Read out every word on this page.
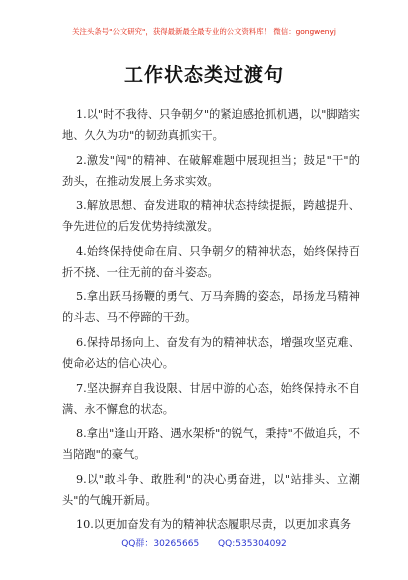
关注头条号"公文研究"，获得最新最全最专业的公文资料库！ 微信：gongwenyj
工作状态类过渡句

1.以"时不我待、只争朝夕"的紧迫感抢抓机遇，以"脚踏实地、久久为功"的韧劲真抓实干。

2.激发"闯"的精神、在破解难题中展现担当；鼓足"干"的劲头，在推动发展上务求实效。

3.解放思想、奋发进取的精神状态持续提振，跨越提升、争先进位的后发优势持续激发。

4.始终保持使命在肩、只争朝夕的精神状态，始终保持百折不挠、一往无前的奋斗姿态。

5.拿出跃马扬鞭的勇气、万马奔腾的姿态，昂扬龙马精神的斗志、马不停蹄的干劲。

6.保持昂扬向上、奋发有为的精神状态，增强攻坚克难、使命必达的信心决心。

7.坚决摒弃自我设限、甘居中游的心态，始终保持永不自满、永不懈怠的状态。

8.拿出"逢山开路、遇水架桥"的锐气，秉持"不做追兵，不当陪跑"的豪气。

9.以"敢斗争、敢胜利"的决心勇奋进，以"站排头、立潮头"的气魄开新局。

10.以更加奋发有为的精神状态履职尽责，以更加求真务

QQ群：30265665 QQ:535304092
